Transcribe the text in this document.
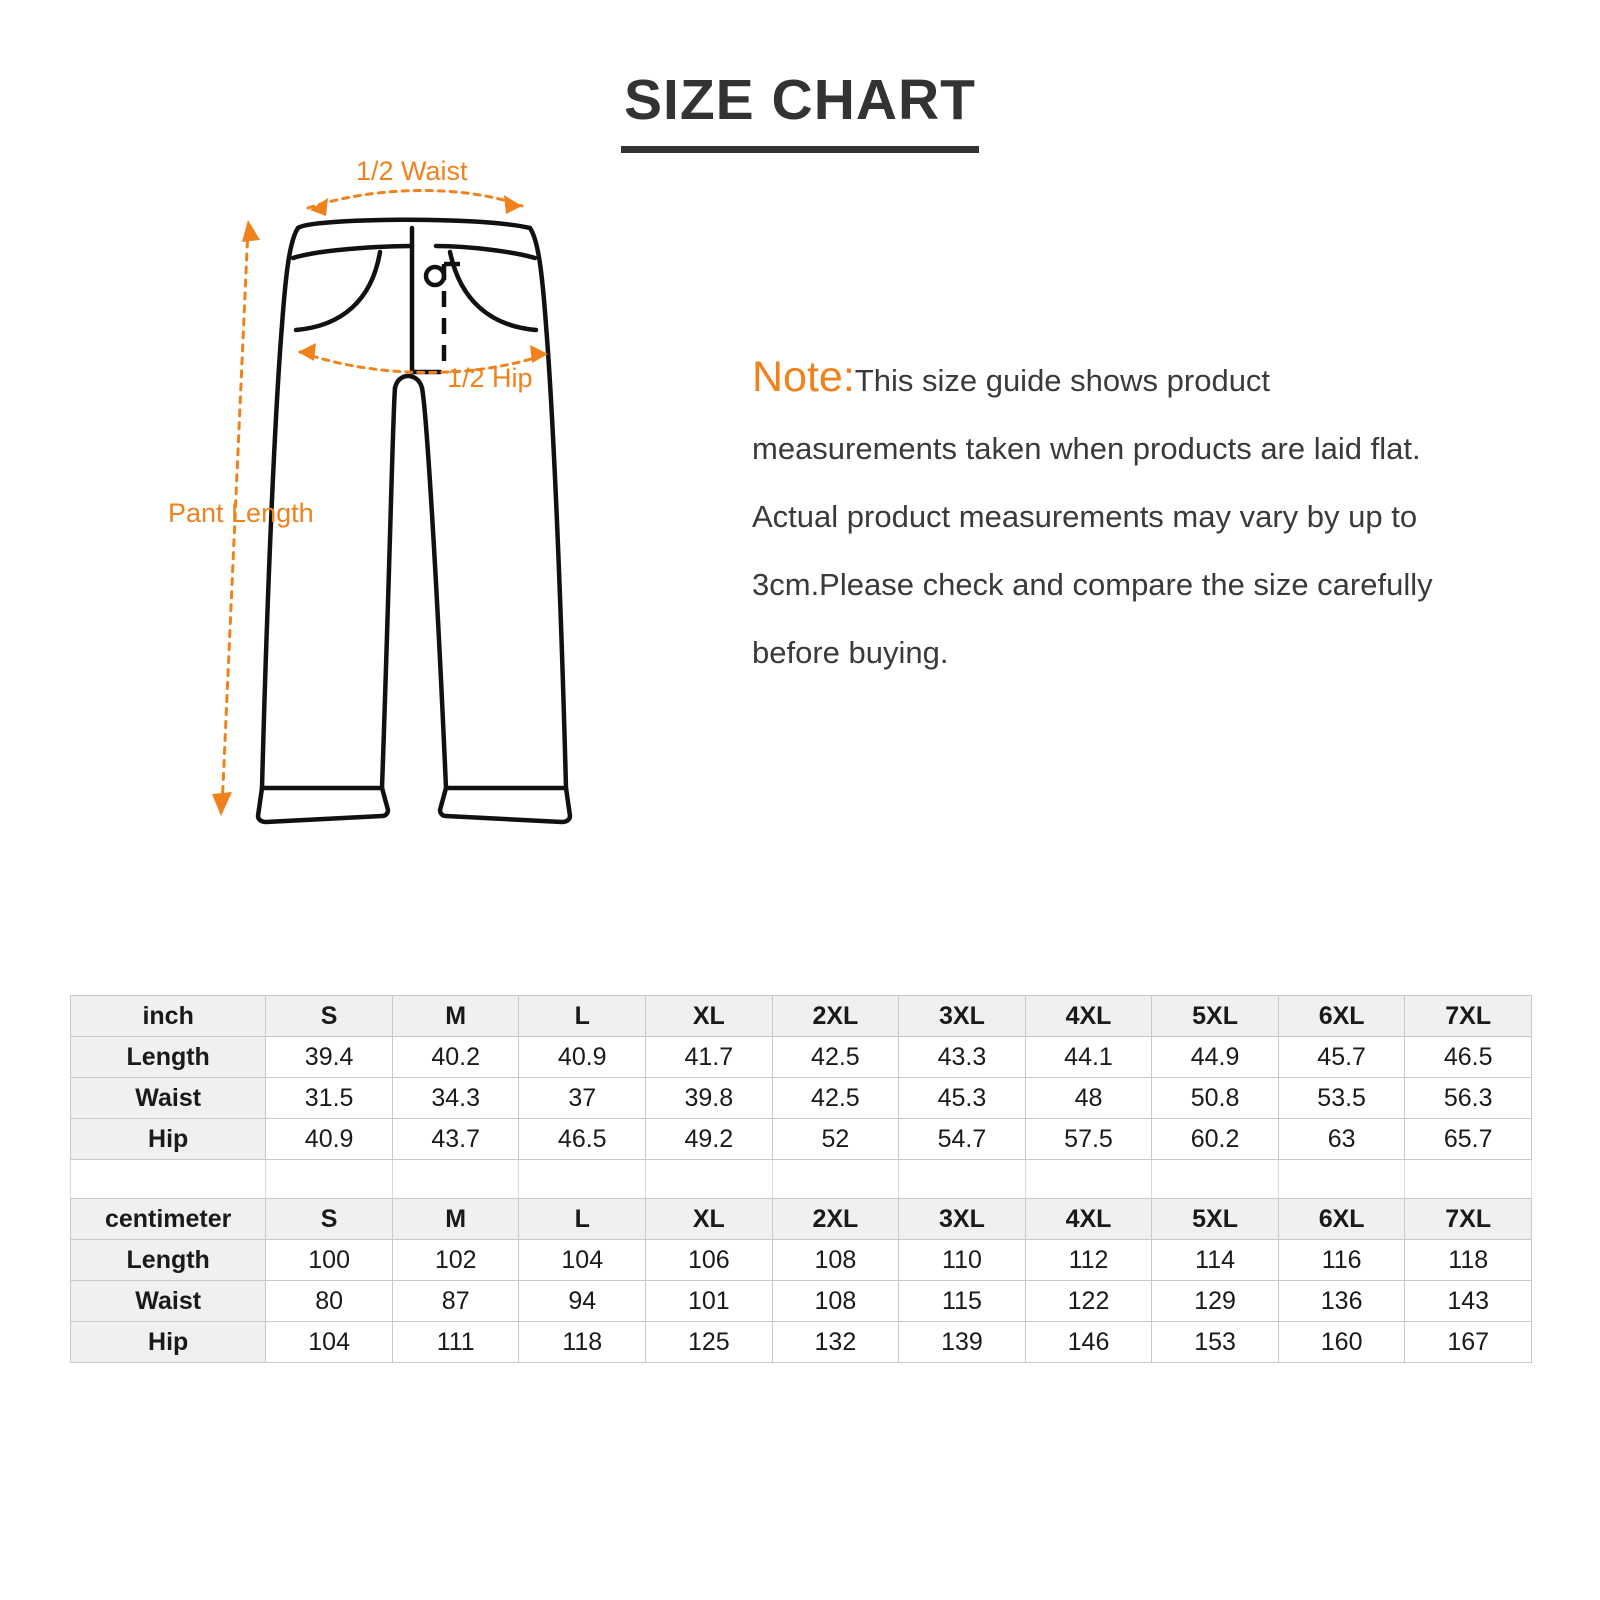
SIZE CHART
1/2 Waist
1/2 Hip
Pant Length
Note:This size guide shows product measurements taken when products are laid flat. Actual product measurements may vary by up to 3cm.Please check and compare the size carefully before buying.
inch	S	M	L	XL	2XL	3XL	4XL	5XL	6XL	7XL
Length	39.4	40.2	40.9	41.7	42.5	43.3	44.1	44.9	45.7	46.5
Waist	31.5	34.3	37	39.8	42.5	45.3	48	50.8	53.5	56.3
Hip	40.9	43.7	46.5	49.2	52	54.7	57.5	60.2	63	65.7

centimeter	S	M	L	XL	2XL	3XL	4XL	5XL	6XL	7XL
Length	100	102	104	106	108	110	112	114	116	118
Waist	80	87	94	101	108	115	122	129	136	143
Hip	104	111	118	125	132	139	146	153	160	167
